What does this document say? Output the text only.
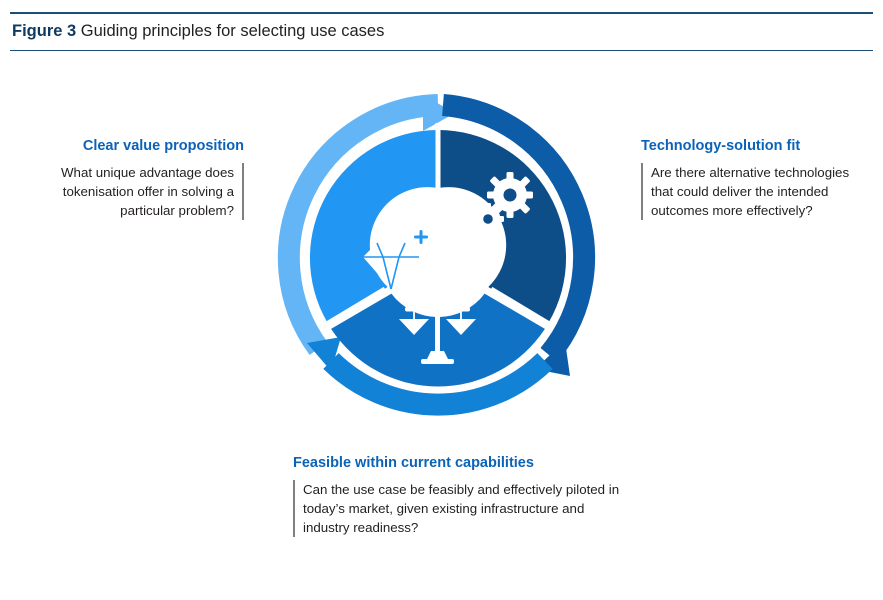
Figure 3 Guiding principles for selecting use cases
Clear value proposition
What unique advantage does tokenisation offer in solving a particular problem?
Technology-solution fit
Are there alternative technologies that could deliver the intended outcomes more effectively?
Feasible within current capabilities
Can the use case be feasibly and effectively piloted in today’s market, given existing infrastructure and industry readiness?
